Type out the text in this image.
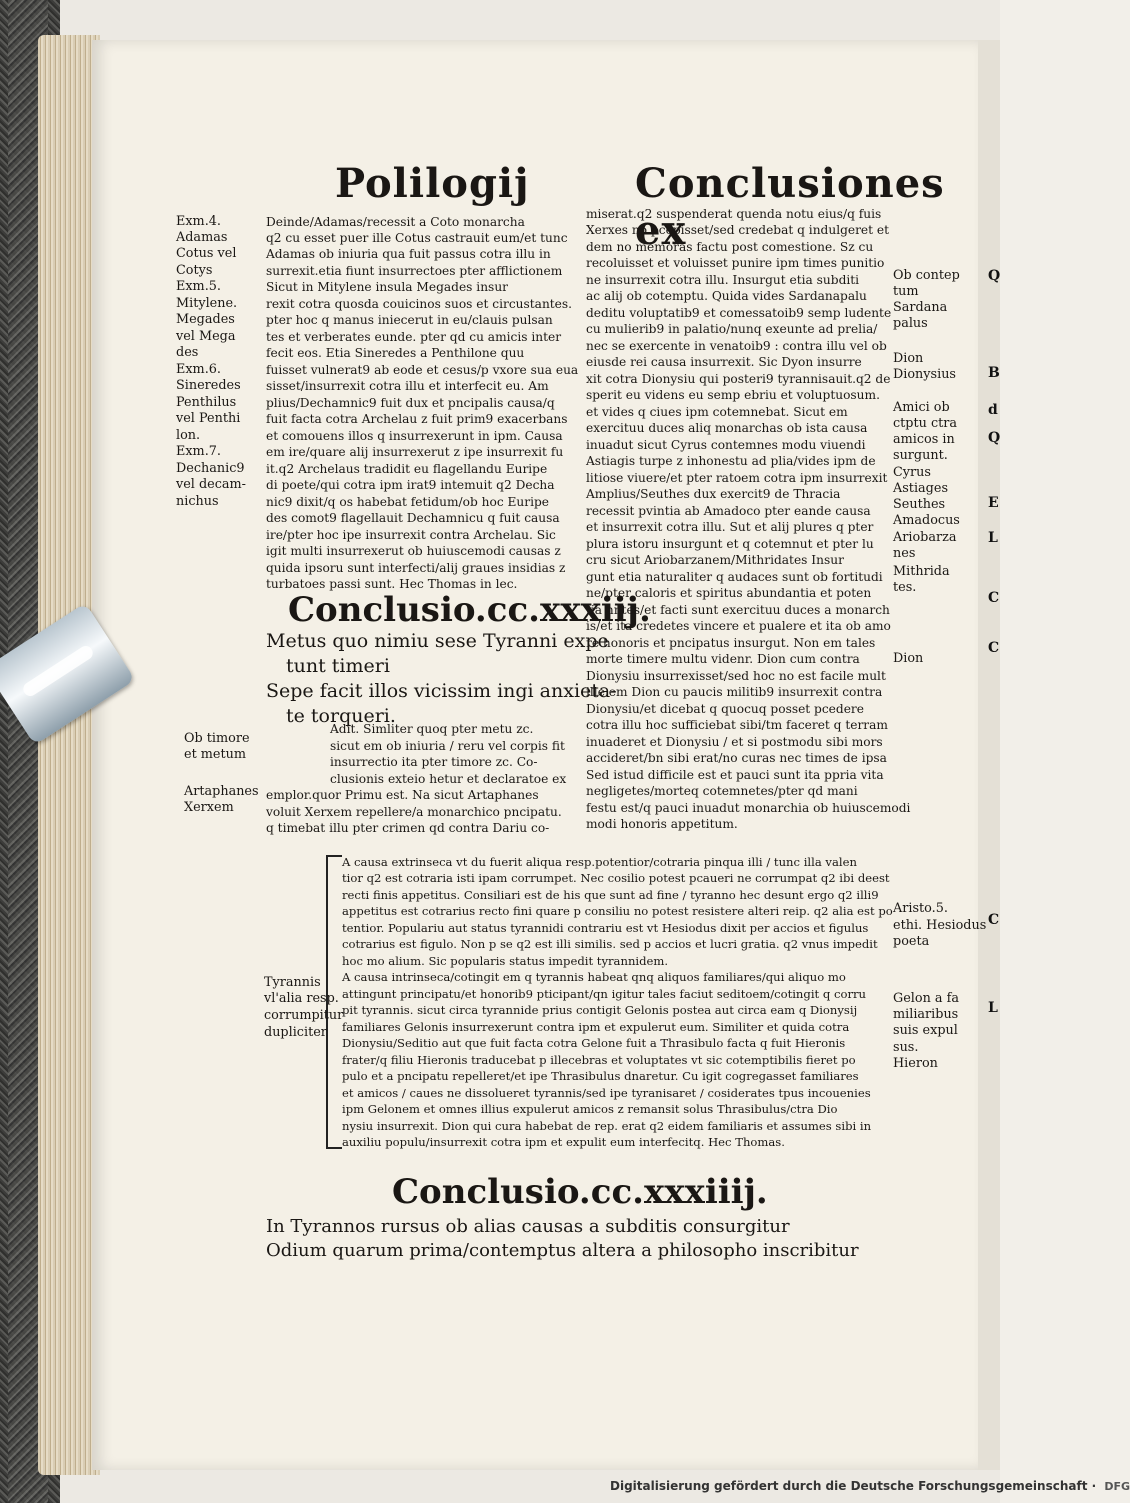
Polilogij	Conclusiones ex
Exm.4.
Adamas
Cotus vel
Cotys
Exm.5.
Mitylene.
Megades
vel Mega
des
Exm.6.
Sineredes
Penthilus
vel Penthi
lon.
Exm.7.
Dechanic9
vel decam-
nichus
Deinde/Adamas/recessit a Coto monarcha
q2 cu esset puer ille Cotus castrauit eum/et tunc
Adamas ob iniuria qua fuit passus cotra illu in
surrexit.etia fiunt insurrectoes pter afflictionem
Sicut in Mitylene insula Megades insur
rexit cotra quosda couicinos suos et circustantes.
pter hoc q manus iniecerut in eu/clauis pulsan
tes et verberates eunde. pter qd cu amicis inter
fecit eos. Etia Sineredes a Penthilone quu
fuisset vulnerat9 ab eode et cesus/p vxore sua eua
sisset/insurrexit cotra illu et interfecit eu. Am
plius/Dechamnic9 fuit dux et pncipalis causa/q
fuit facta cotra Archelau z fuit prim9 exacerbans
et comouens illos q insurrexerunt in ipm. Causa
em ire/quare alij insurrexerut z ipe insurrexit fu
it.q2 Archelaus tradidit eu flagellandu Euripe
di poete/qui cotra ipm irat9 intemuit q2 Decha
nic9 dixit/q os habebat fetidum/ob hoc Euripe
des comot9 flagellauit Dechamnicu q fuit causa
ire/pter hoc ipe insurrexit contra Archelau. Sic
igit multi insurrexerut ob huiuscemodi causas z
quida ipsoru sunt interfecti/alij graues insidias z
turbatoes passi sunt. Hec Thomas in lec.
Conclusio.cc.xxxiij.
Metus quo nimiu sese Tyranni expe
tunt timeri
Sepe facit illos vicissim ingi anxieta-
te torqueri.
Ob timore
et metum
Artaphanes
Xerxem
Adit. Simliter quoq pter metu zc.
sicut em ob iniuria / reru vel corpis fit
insurrectio ita pter timore zc. Co-
clusionis exteio hetur et declaratoe ex
emplor.quor Primu est. Na sicut Artaphanes
voluit Xerxem repellere/a monarchico pncipatu.
q timebat illu pter crimen qd contra Dariu co-
miserat.q2 suspenderat quenda notu eius/q fuis
Xerxes no pcepisset/sed credebat q indulgeret et
dem no memoras factu post comestione. Sz cu
recoluisset et voluisset punire ipm times punitio
ne insurrexit cotra illu. Insurgut etia subditi
ac alij ob cotemptu. Quida vides Sardanapalu
deditu voluptatib9 et comessatoib9 semp ludente
cu mulierib9 in palatio/nunq exeunte ad prelia/
nec se exercente in venatoib9 : contra illu vel ob
eiusde rei causa insurrexit. Sic Dyon insurre
xit cotra Dionysiu qui posteri9 tyrannisauit.q2 de
sperit eu videns eu semp ebriu et voluptuosum.
et vides q ciues ipm cotemnebat. Sicut em
exercituu duces aliq monarchas ob ista causa
inuadut sicut Cyrus contemnes modu viuendi
Astiagis turpe z inhonestu ad plia/vides ipm de
litiose viuere/et pter ratoem cotra ipm insurrexit
Amplius/Seuthes dux exercit9 de Thracia
recessit pvintia ab Amadoco pter eande causa
et insurrexit cotra illu. Sut et alij plures q pter
plura istoru insurgunt et q cotemnut et pter lu
cru sicut Ariobarzanem/Mithridates Insur
gunt etia naturaliter q audaces sunt ob fortitudi
ne/pter caloris et spiritus abundantia et poten
tia hntes/et facti sunt exercituu duces a monarch
is/et ita credetes vincere et pualere et ita ob amo
re honoris et pncipatus insurgut. Non em tales
morte timere multu videnr. Dion cum contra
Dionysiu insurrexisset/sed hoc no est facile mult
ille em Dion cu paucis militib9 insurrexit contra
Dionysiu/et dicebat q quocuq posset pcedere
cotra illu hoc sufficiebat sibi/tm faceret q terram
inuaderet et Dionysiu / et si postmodu sibi mors
accideret/bn sibi erat/no curas nec times de ipsa
Sed istud difficile est et pauci sunt ita ppria vita
negligetes/morteq cotemnetes/pter qd mani
festu est/q pauci inuadut monarchia ob huiuscemodi
modi honoris appetitum.
Ob contep
tum
Sardana
palus
Dion
Dionysius
Amici ob
ctptu ctra
amicos in
surgunt.
Cyrus
Astiages
Seuthes
Amadocus
Ariobarza
nes
Mithrida
tes.
Dion
A causa extrinseca vt du fuerit aliqua resp.potentior/cotraria pinqua illi / tunc illa valen
tior q2 est cotraria isti ipam corrumpet. Nec cosilio potest pcaueri ne corrumpat q2 ibi deest
recti finis appetitus. Consiliari est de his que sunt ad fine / tyranno hec desunt ergo q2 illi9
appetitus est cotrarius recto fini quare p consiliu no potest resistere alteri reip. q2 alia est po
tentior. Populariu aut status tyrannidi contrariu est vt Hesiodus dixit per accios et figulus
cotrarius est figulo. Non p se q2 est illi similis. sed p accios et lucri gratia. q2 vnus impedit
hoc mo alium. Sic popularis status impedit tyrannidem.
A causa intrinseca/cotingit em q tyrannis habeat qnq aliquos familiares/qui aliquo mo
attingunt principatu/et honorib9 pticipant/qn igitur tales faciut seditoem/cotingit q corru
pit tyrannis. sicut circa tyrannide prius contigit Gelonis postea aut circa eam q Dionysij
familiares Gelonis insurrexerunt contra ipm et expulerut eum. Similiter et quida cotra
Dionysiu/Seditio aut que fuit facta cotra Gelone fuit a Thrasibulo facta q fuit Hieronis
frater/q filiu Hieronis traducebat p illecebras et voluptates vt sic cotemptibilis fieret po
pulo et a pncipatu repelleret/et ipe Thrasibulus dnaretur. Cu igit cogregasset familiares
et amicos / caues ne dissolueret tyrannis/sed ipe tyranisaret / cosiderates tpus incouenies
ipm Gelonem et omnes illius expulerut amicos z remansit solus Thrasibulus/ctra Dio
nysiu insurrexit. Dion qui cura habebat de rep. erat q2 eidem familiaris et assumes sibi in
auxiliu populu/insurrexit cotra ipm et expulit eum interfecitq. Hec Thomas.
Tyrannis
vl'alia resp.
corrumpitur
dupliciter
Aristo.5.
ethi. Hesiodus
poeta
Gelon a fa
miliaribus
suis expul
sus.
Hieron
Conclusio.cc.xxxiiij.
In Tyrannos rursus ob alias causas a subditis consurgitur
Odium quarum prima/contemptus altera a philosopho inscribitur
Q
B
d
Q
E
L
C
C
C
L
Digitalisierung gefördert durch die Deutsche Forschungsgemeinschaft · DFG
